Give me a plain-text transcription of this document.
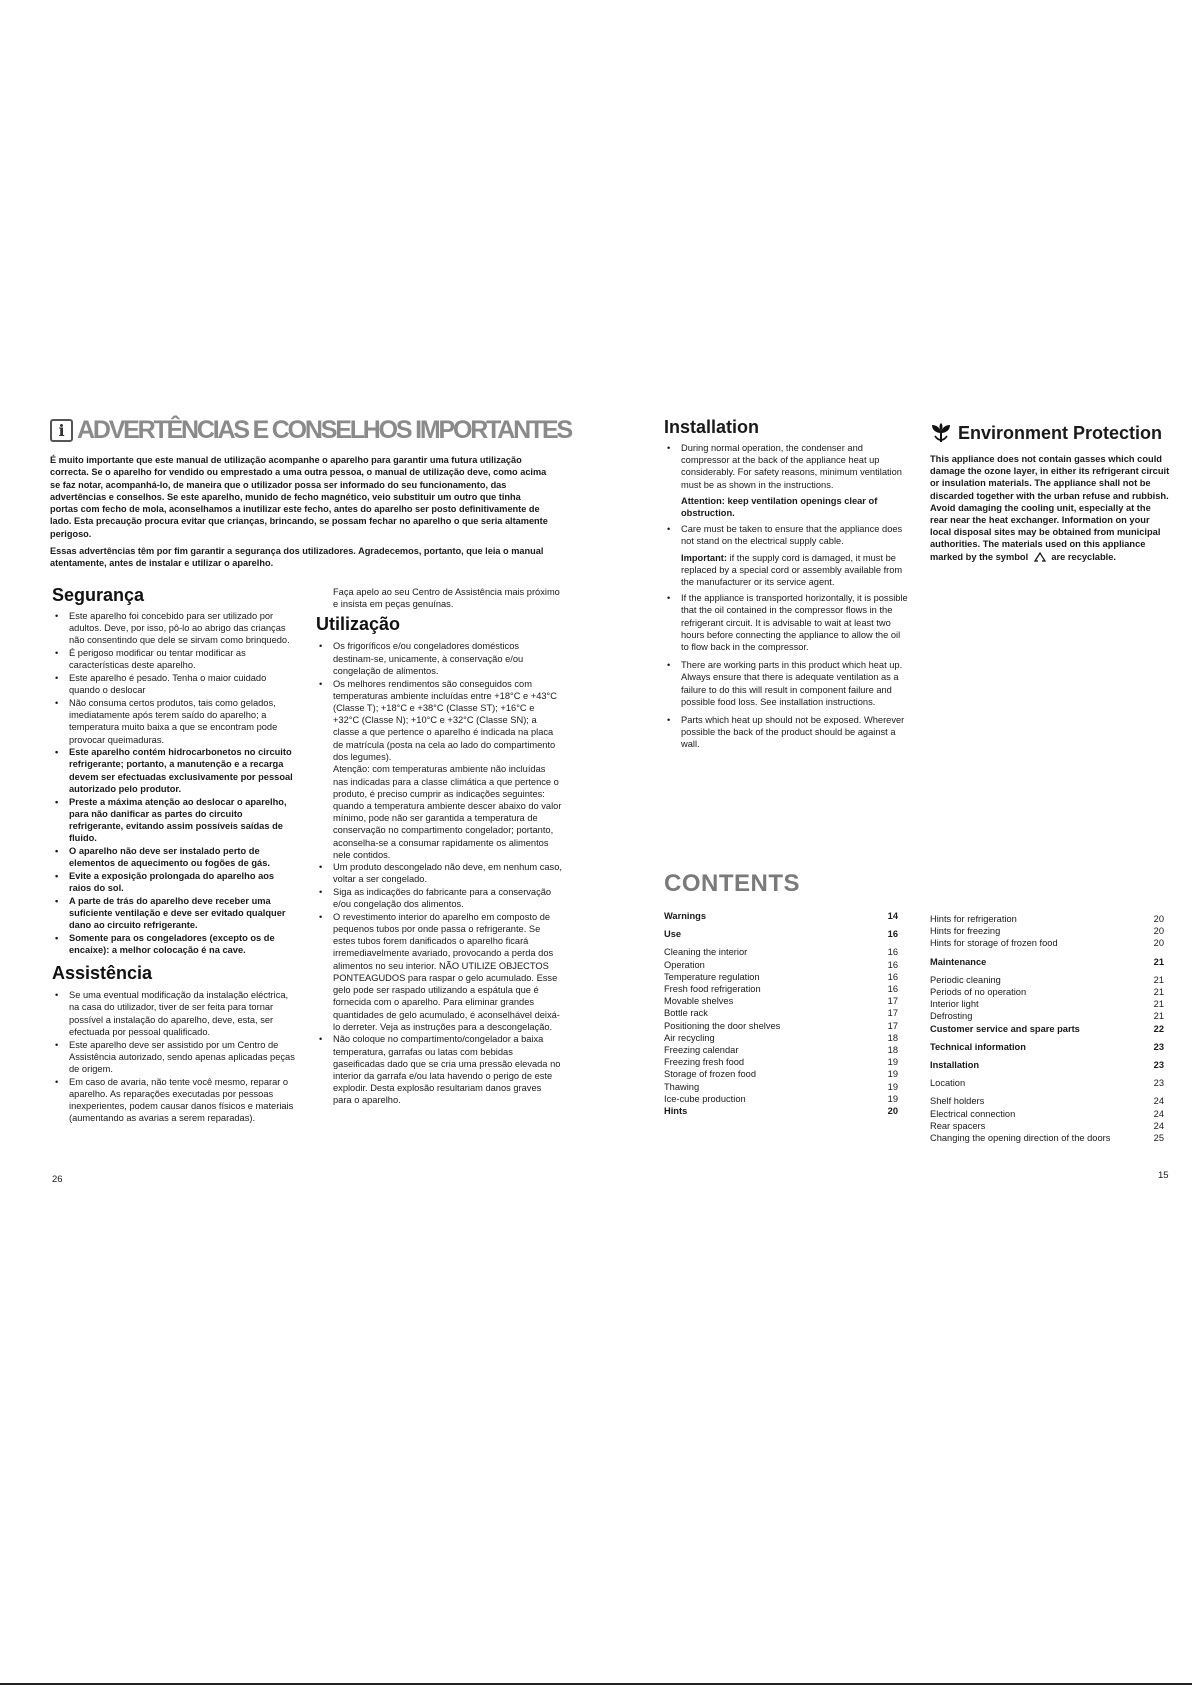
i ADVERTÊNCIAS E CONSELHOS IMPORTANTES

É muito importante que este manual de utilização acompanhe o aparelho para garantir uma futura utilização correcta. Se o aparelho for vendido ou emprestado a uma outra pessoa, o manual de utilização deve, como acima se faz notar, acompanhá-lo, de maneira que o utilizador possa ser informado do seu funcionamento, das advertências e conselhos. Se este aparelho, munido de fecho magnético, veio substituir um outro que tinha portas com fecho de mola, aconselhamos a inutilizar este fecho, antes do aparelho ser posto definitivamente de lado. Esta precaução procura evitar que crianças, brincando, se possam fechar no aparelho o que seria altamente perigoso.

Essas advertências têm por fim garantir a segurança dos utilizadores. Agradecemos, portanto, que leia o manual atentamente, antes de instalar e utilizar o aparelho.

Segurança
• Este aparelho foi concebido para ser utilizado por adultos. Deve, por isso, pô-lo ao abrigo das crianças não consentindo que dele se sirvam como brinquedo.
• É perigoso modificar ou tentar modificar as características deste aparelho.
• Este aparelho é pesado. Tenha o maior cuidado quando o deslocar
• Não consuma certos produtos, tais como gelados, imediatamente após terem saído do aparelho; a temperatura muito baixa a que se encontram pode provocar queimaduras.
• Este aparelho contém hidrocarbonetos no circuito refrigerante; portanto, a manutenção e a recarga devem ser efectuadas exclusivamente por pessoal autorizado pelo produtor.
• Preste a máxima atenção ao deslocar o aparelho, para não danificar as partes do circuito refrigerante, evitando assim possíveis saídas de fluido.
• O aparelho não deve ser instalado perto de elementos de aquecimento ou fogões de gás.
• Evite a exposição prolongada do aparelho aos raios do sol.
• A parte de trás do aparelho deve receber uma suficiente ventilação e deve ser evitado qualquer dano ao circuito refrigerante.
• Somente para os congeladores (excepto os de encaixe): a melhor colocação é na cave.
Assistência
• Se uma eventual modificação da instalação eléctrica, na casa do utilizador, tiver de ser feita para tornar possível a instalação do aparelho, deve, esta, ser efectuada por pessoal qualificado.
• Este aparelho deve ser assistido por um Centro de Assistência autorizado, sendo apenas aplicadas peças de origem.
• Em caso de avaria, não tente você mesmo, reparar o aparelho. As reparações executadas por pessoas inexperientes, podem causar danos físicos e materiais (aumentando as avarias a serem reparadas).

Faça apelo ao seu Centro de Assistência mais próximo e insista em peças genuínas.

Utilização
• Os frigoríficos e/ou congeladores domésticos destinam-se, unicamente, à conservação e/ou congelação de alimentos.
• Os melhores rendimentos são conseguidos com temperaturas ambiente incluídas entre +18°C e +43°C (Classe T); +18°C e +38°C (Classe ST); +16°C e +32°C (Classe N); +10°C e +32°C (Classe SN); a classe a que pertence o aparelho é indicada na placa de matrícula (posta na cela ao lado do compartimento dos legumes).

Atenção: com temperaturas ambiente não incluídas nas indicadas para a classe climática a que pertence o produto, é preciso cumprir as indicações seguintes: quando a temperatura ambiente descer abaixo do valor mínimo, pode não ser garantida a temperatura de conservação no compartimento congelador; portanto, aconselha-se a consumar rapidamente os alimentos nele contidos.

• Um produto descongelado não deve, em nenhum caso, voltar a ser congelado.
• Siga as indicações do fabricante para a conservação e/ou congelação dos alimentos.
• O revestimento interior do aparelho em composto de pequenos tubos por onde passa o refrigerante. Se estes tubos forem danificados o aparelho ficará irremediavelmente avariado, provocando a perda dos alimentos no seu interior. NÃO UTILIZE OBJECTOS PONTEAGUDOS para raspar o gelo acumulado. Esse gelo pode ser raspado utilizando a espátula que é fornecida com o aparelho. Para eliminar grandes quantidades de gelo acumulado, é aconselhável deixá-lo derreter. Veja as instruções para a descongelação.
• Não coloque no compartimento/congelador a baixa temperatura, garrafas ou latas com bebidas gaseificadas dado que se cria uma pressão elevada no interior da garrafa e/ou lata havendo o perigo de este explodir. Desta explosão resultariam danos graves para o aparelho.
26
Installation
• During normal operation, the condenser and compressor at the back of the appliance heat up considerably. For safety reasons, minimum ventilation must be as shown in the instructions.
Attention: keep ventilation openings clear of obstruction.
• Care must be taken to ensure that the appliance does not stand on the electrical supply cable.
Important: if the supply cord is damaged, it must be replaced by a special cord or assembly available from the manufacturer or its service agent.
• If the appliance is transported horizontally, it is possible that the oil contained in the compressor flows in the refrigerant circuit. It is advisable to wait at least two hours before connecting the appliance to allow the oil to flow back in the compressor.
• There are working parts in this product which heat up. Always ensure that there is adequate ventilation as a failure to do this will result in component failure and possible food loss. See installation instructions.
• Parts which heat up should not be exposed. Wherever possible the back of the product should be against a wall.
Environment Protection
This appliance does not contain gasses which could damage the ozone layer, in either its refrigerant circuit or insulation materials. The appliance shall not be discarded together with the urban refuse and rubbish. Avoid damaging the cooling unit, especially at the rear near the heat exchanger. Information on your local disposal sites may be obtained from municipal authorities. The materials used on this appliance marked by the symbol are recyclable.
CONTENTS
Warnings	14
Use	16
Cleaning the interior	16
Operation	16
Temperature regulation	16
Fresh food refrigeration	16
Movable shelves	17
Bottle rack	17
Positioning the door shelves	17
Air recycling	18
Freezing calendar	18
Freezing fresh food	19
Storage of frozen food	19
Thawing	19
Ice-cube production	19
Hints	20
Hints for refrigeration	20
Hints for freezing	20
Hints for storage of frozen food	20
Maintenance	21
Periodic cleaning	21
Periods of no operation	21
Interior light	21
Defrosting	21
Customer service and spare parts	22
Technical information	23
Installation	23
Location	23
Shelf holders	24
Electrical connection	24
Rear spacers	24
Changing the opening direction of the doors	25
15
